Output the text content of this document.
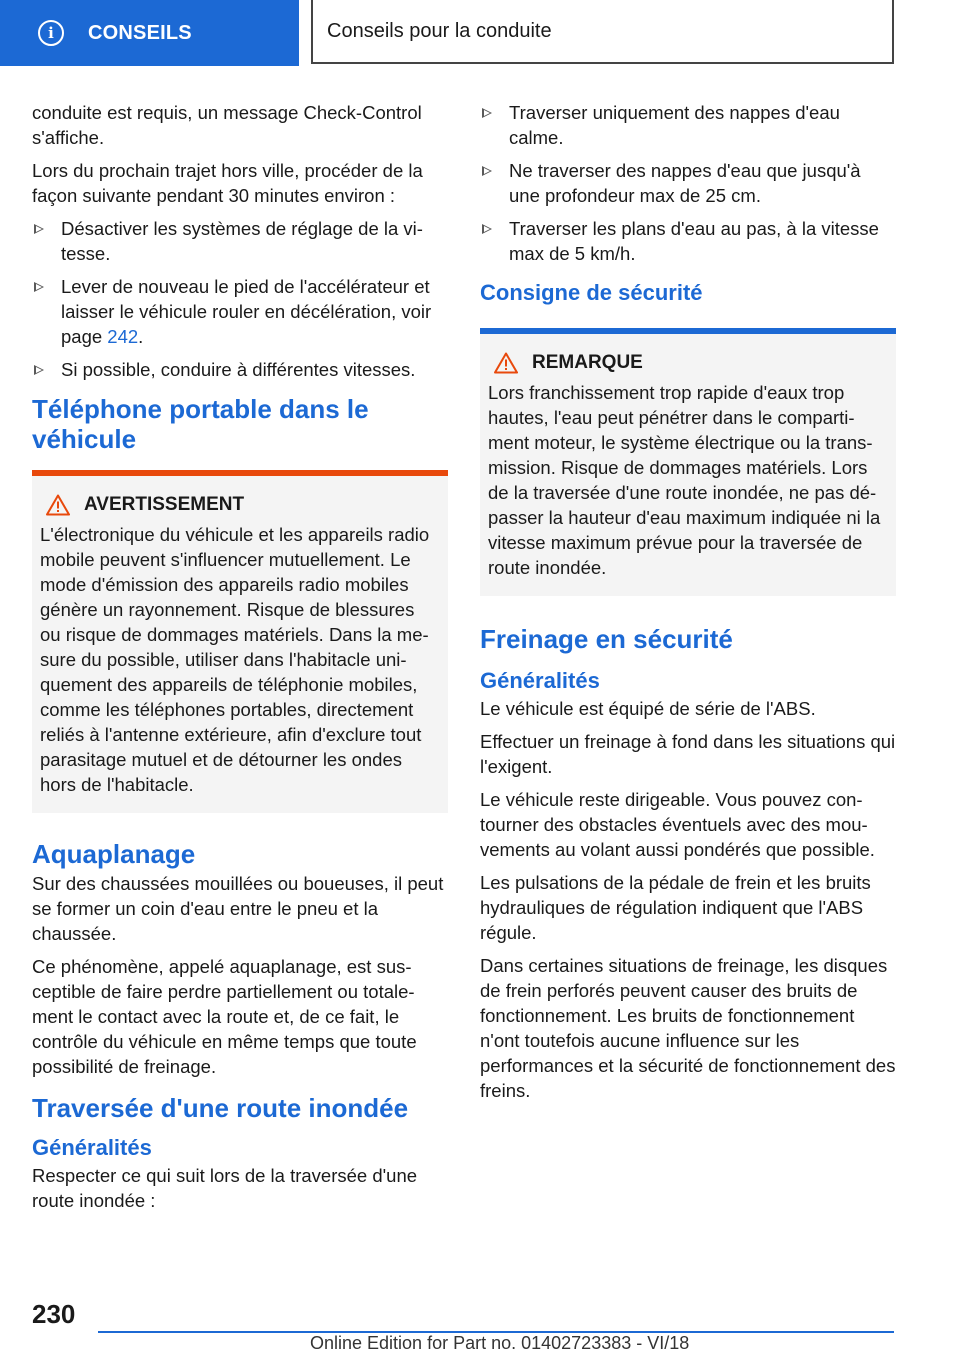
i	CONSEILS	Conseils pour la conduite

conduite est requis, un message Check-Control s'affiche.

Lors du prochain trajet hors ville, procéder de la façon suivante pendant 30 minutes environ :

Désactiver les systèmes de réglage de la vitesse.
Lever de nouveau le pied de l'accélérateur et laisser le véhicule rouler en décélération, voir page 242.
Si possible, conduire à différentes vitesses.
Téléphone portable dans le véhicule
AVERTISSEMENT

L'électronique du véhicule et les appareils radio mobile peuvent s'influencer mutuellement. Le mode d'émission des appareils radio mobiles génère un rayonnement. Risque de blessures ou risque de dommages matériels. Dans la mesure du possible, utiliser dans l'habitacle uniquement des appareils de téléphonie mobiles, comme les téléphones portables, directement reliés à l'antenne extérieure, afin d'exclure tout parasitage mutuel et de détourner les ondes hors de l'habitacle.

Aquaplanage

Sur des chaussées mouillées ou boueuses, il peut se former un coin d'eau entre le pneu et la chaussée.

Ce phénomène, appelé aquaplanage, est susceptible de faire perdre partiellement ou totalement le contact avec la route et, de ce fait, le contrôle du véhicule en même temps que toute possibilité de freinage.

Traversée d'une route inondée
Généralités

Respecter ce qui suit lors de la traversée d'une route inondée :

Traverser uniquement des nappes d'eau calme.
Ne traverser des nappes d'eau que jusqu'à une profondeur max de 25 cm.
Traverser les plans d'eau au pas, à la vitesse max de 5 km/h.
Consigne de sécurité
REMARQUE

Lors franchissement trop rapide d'eaux trop hautes, l'eau peut pénétrer dans le compartiment moteur, le système électrique ou la transmission. Risque de dommages matériels. Lors de la traversée d'une route inondée, ne pas dépasser la hauteur d'eau maximum indiquée ni la vitesse maximum prévue pour la traversée de route inondée.

Freinage en sécurité
Généralités

Le véhicule est équipé de série de l'ABS.

Effectuer un freinage à fond dans les situations qui l'exigent.

Le véhicule reste dirigeable. Vous pouvez contourner des obstacles éventuels avec des mouvements au volant aussi pondérés que possible.

Les pulsations de la pédale de frein et les bruits hydrauliques de régulation indiquent que l'ABS régule.

Dans certaines situations de freinage, les disques de frein perforés peuvent causer des bruits de fonctionnement. Les bruits de fonctionnement n'ont toutefois aucune influence sur les performances et la sécurité de fonctionnement des freins.

230
Online Edition for Part no. 01402723383 - VI/18
